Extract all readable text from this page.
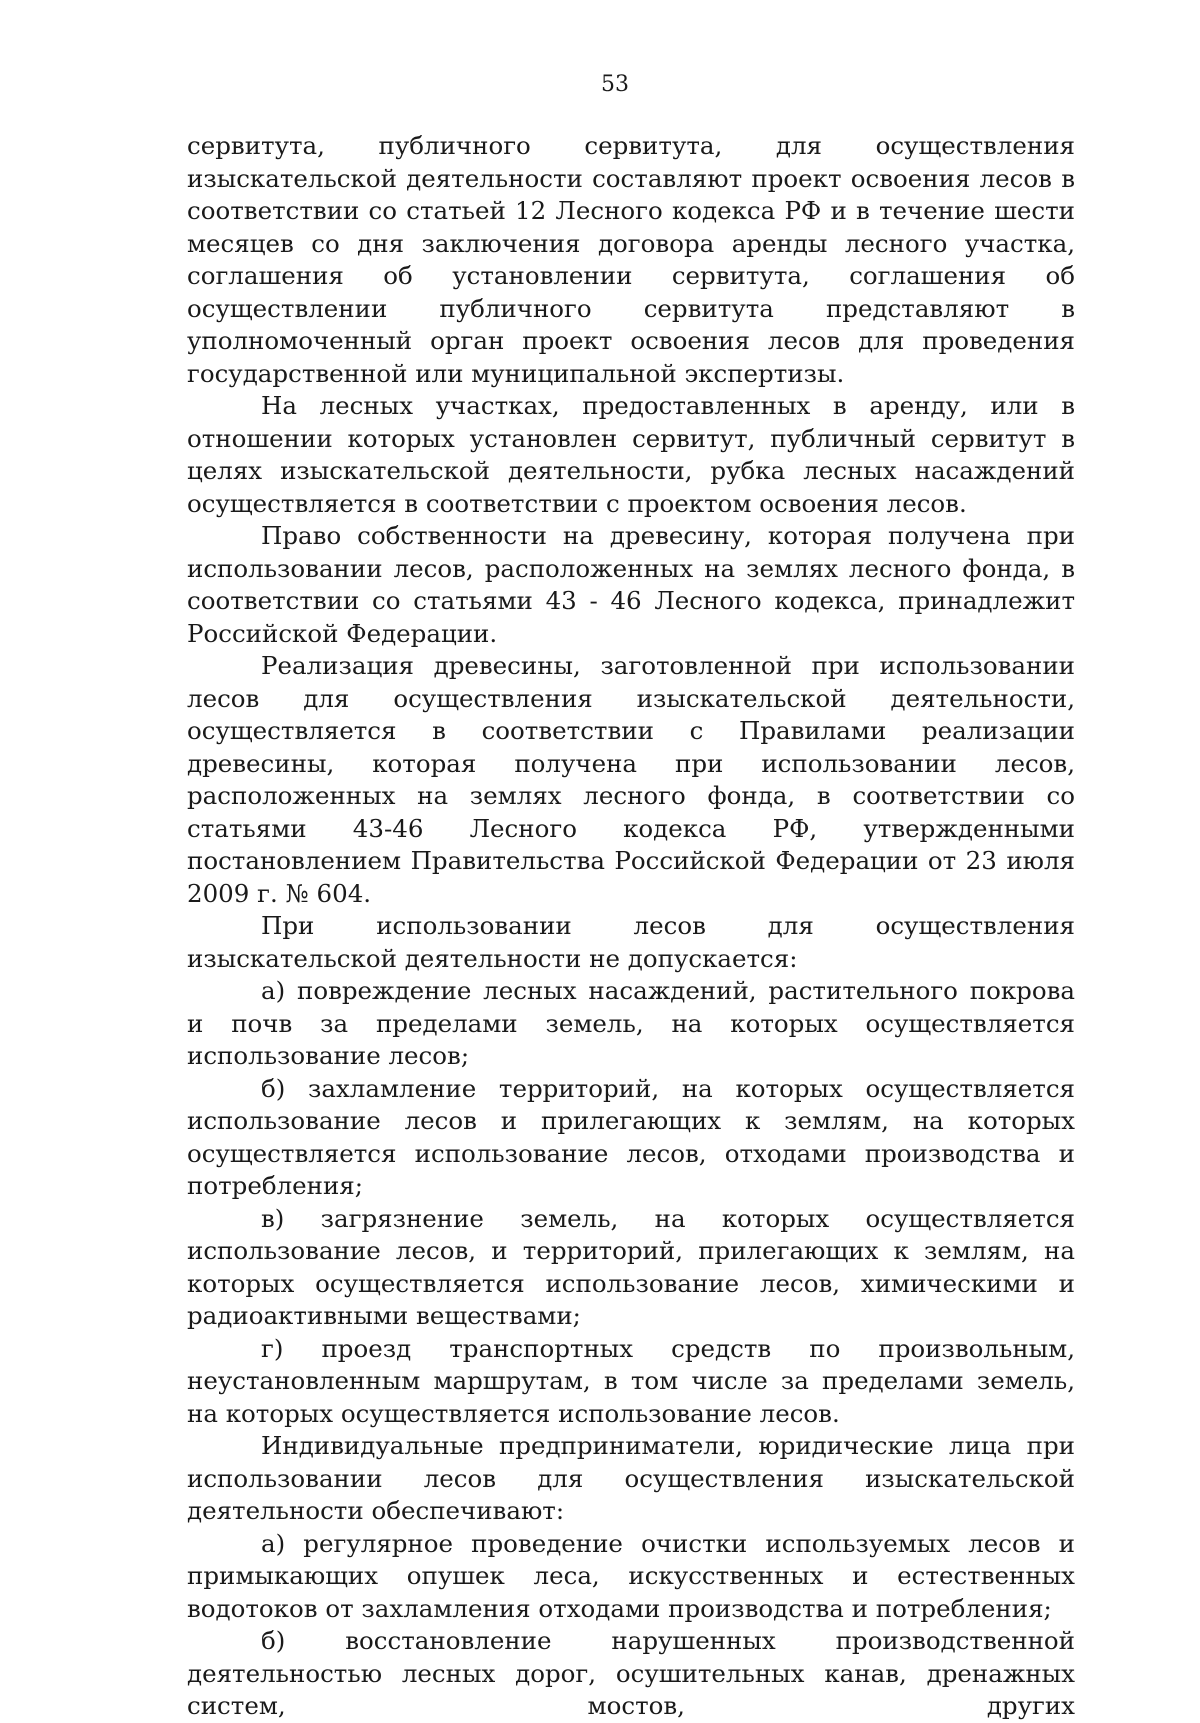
53

сервитута, публичного сервитута, для осуществления изыскательской деятельности составляют проект освоения лесов в соответствии со статьей 12 Лесного кодекса РФ и в течение шести месяцев со дня заключения договора аренды лесного участка, соглашения об установлении сервитута, соглашения об осуществлении публичного сервитута представляют в уполномоченный орган проект освоения лесов для проведения государственной или муниципальной экспертизы.

На лесных участках, предоставленных в аренду, или в отношении которых установлен сервитут, публичный сервитут в целях изыскательской деятельности, рубка лесных насаждений осуществляется в соответствии с проектом освоения лесов.

Право собственности на древесину, которая получена при использовании лесов, расположенных на землях лесного фонда, в соответствии со статьями 43 - 46 Лесного кодекса, принадлежит Российской Федерации.

Реализация древесины, заготовленной при использовании лесов для осуществления изыскательской деятельности, осуществляется в соответствии с Правилами реализации древесины, которая получена при использовании лесов, расположенных на землях лесного фонда, в соответствии со статьями 43-46 Лесного кодекса РФ, утвержденными постановлением Правительства Российской Федерации от 23 июля 2009 г. № 604.

При использовании лесов для осуществления изыскательской деятельности не допускается:

а) повреждение лесных насаждений, растительного покрова и почв за пределами земель, на которых осуществляется использование лесов;

б) захламление территорий, на которых осуществляется использование лесов и прилегающих к землям, на которых осуществляется использование лесов, отходами производства и потребления;

в) загрязнение земель, на которых осуществляется использование лесов, и территорий, прилегающих к землям, на которых осуществляется использование лесов, химическими и радиоактивными веществами;

г) проезд транспортных средств по произвольным, неустановленным маршрутам, в том числе за пределами земель, на которых осуществляется использование лесов.

Индивидуальные предприниматели, юридические лица при использовании лесов для осуществления изыскательской деятельности обеспечивают:

а) регулярное проведение очистки используемых лесов и примыкающих опушек леса, искусственных и естественных водотоков от захламления отходами производства и потребления;

б) восстановление нарушенных производственной деятельностью лесных дорог, осушительных канав, дренажных систем, мостов, других
